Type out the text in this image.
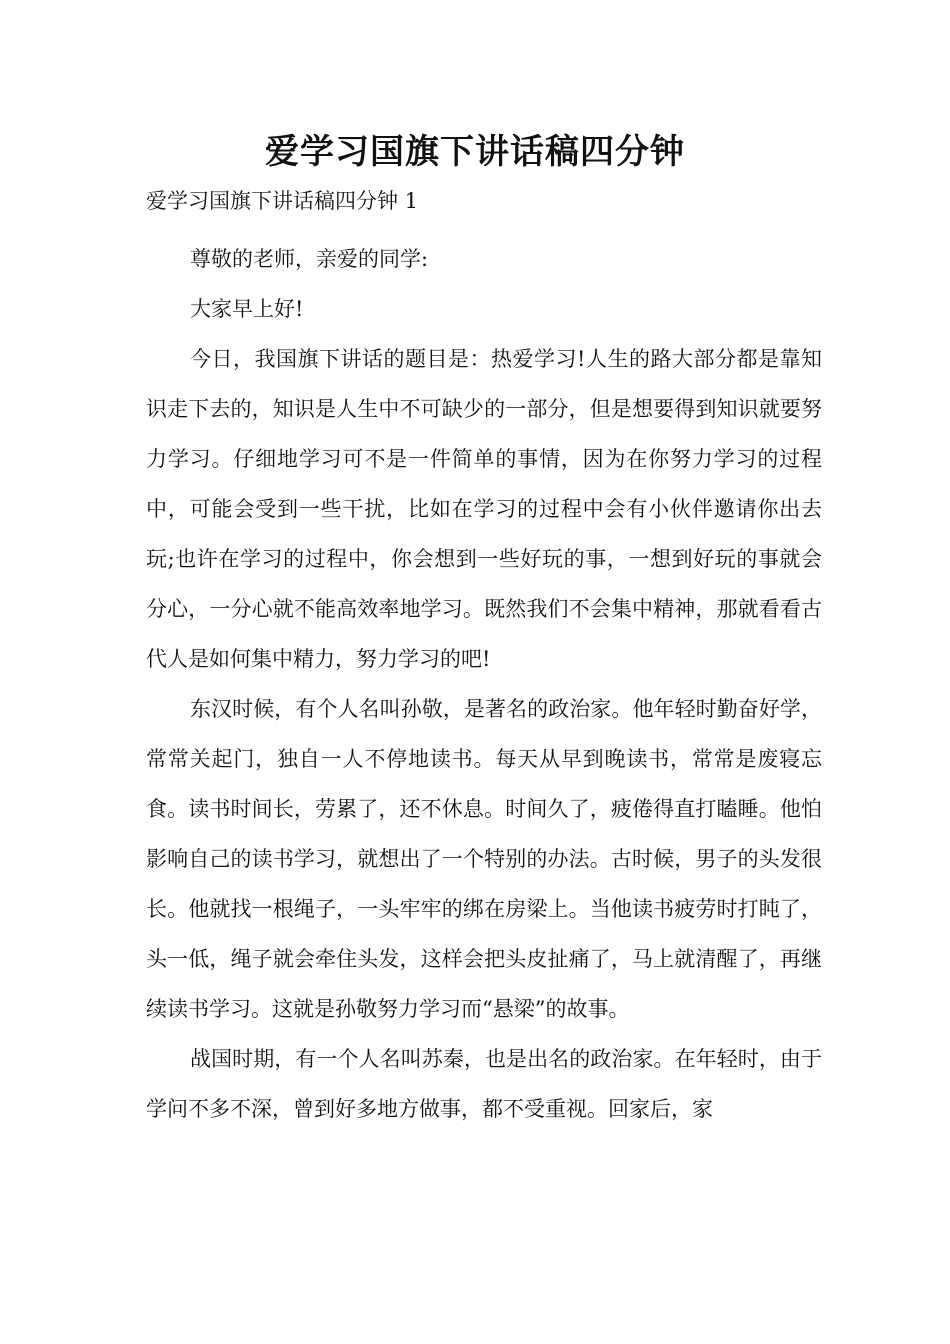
爱学习国旗下讲话稿四分钟

爱学习国旗下讲话稿四分钟 1

尊敬的老师，亲爱的同学:

大家早上好!

今日，我国旗下讲话的题目是：热爱学习!人生的路大部分都是靠知识走下去的，知识是人生中不可缺少的一部分，但是想要得到知识就要努力学习。仔细地学习可不是一件简单的事情，因为在你努力学习的过程中，可能会受到一些干扰，比如在学习的过程中会有小伙伴邀请你出去玩;也许在学习的过程中，你会想到一些好玩的事，一想到好玩的事就会分心，一分心就不能高效率地学习。既然我们不会集中精神，那就看看古代人是如何集中精力，努力学习的吧!

东汉时候，有个人名叫孙敬，是著名的政治家。他年轻时勤奋好学，常常关起门，独自一人不停地读书。每天从早到晚读书，常常是废寝忘食。读书时间长，劳累了，还不休息。时间久了，疲倦得直打瞌睡。他怕影响自己的读书学习，就想出了一个特别的办法。古时候，男子的头发很长。他就找一根绳子，一头牢牢的绑在房梁上。当他读书疲劳时打盹了，头一低，绳子就会牵住头发，这样会把头皮扯痛了，马上就清醒了，再继续读书学习。这就是孙敬努力学习而“悬梁”的故事。

战国时期，有一个人名叫苏秦，也是出名的政治家。在年轻时，由于学问不多不深，曾到好多地方做事，都不受重视。回家后，家
